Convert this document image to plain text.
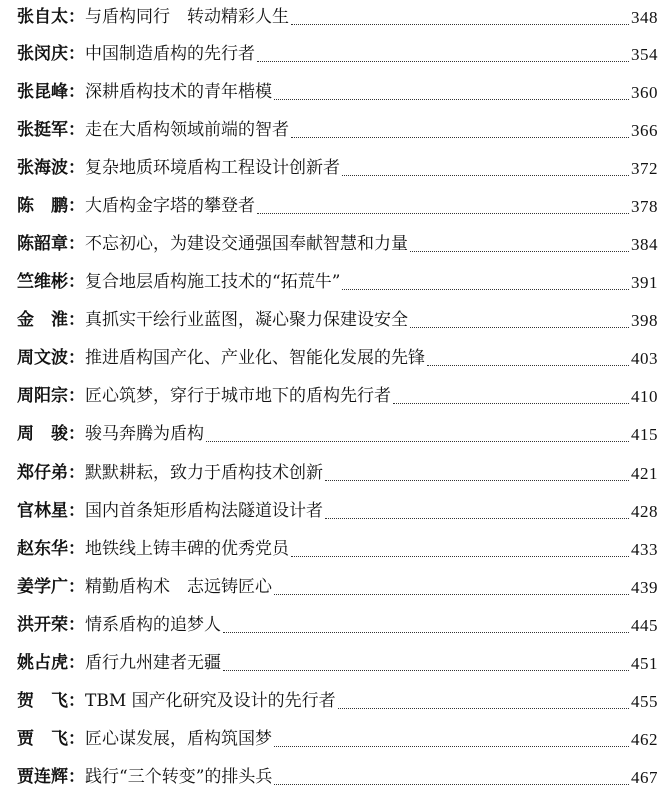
张自太 ： 与盾构同行　转动精彩人生	348
张闵庆 ： 中国制造盾构的先行者	354
张昆峰 ： 深耕盾构技术的青年楷模	360
张挺军 ： 走在大盾构领域前端的智者	366
张海波 ： 复杂地质环境盾构工程设计创新者	372
陈　鹏 ： 大盾构金字塔的攀登者	378
陈韶章 ： 不忘初心，为建设交通强国奉献智慧和力量	384
竺维彬 ： 复合地层盾构施工技术的“拓荒牛”	391
金　淮 ： 真抓实干绘行业蓝图，凝心聚力保建设安全	398
周文波 ： 推进盾构国产化、产业化、智能化发展的先锋	403
周阳宗 ： 匠心筑梦，穿行于城市地下的盾构先行者	410
周　骏 ： 骏马奔腾为盾构	415
郑仔弟 ： 默默耕耘，致力于盾构技术创新	421
官林星 ： 国内首条矩形盾构法隧道设计者	428
赵东华 ： 地铁线上铸丰碑的优秀党员	433
姜学广 ： 精勤盾构术　志远铸匠心	439
洪开荣 ： 情系盾构的追梦人	445
姚占虎 ： 盾行九州建者无疆	451
贺　飞 ： TBM 国产化研究及设计的先行者	455
贾　飞 ： 匠心谋发展，盾构筑国梦	462
贾连辉 ： 践行“三个转变”的排头兵	467
